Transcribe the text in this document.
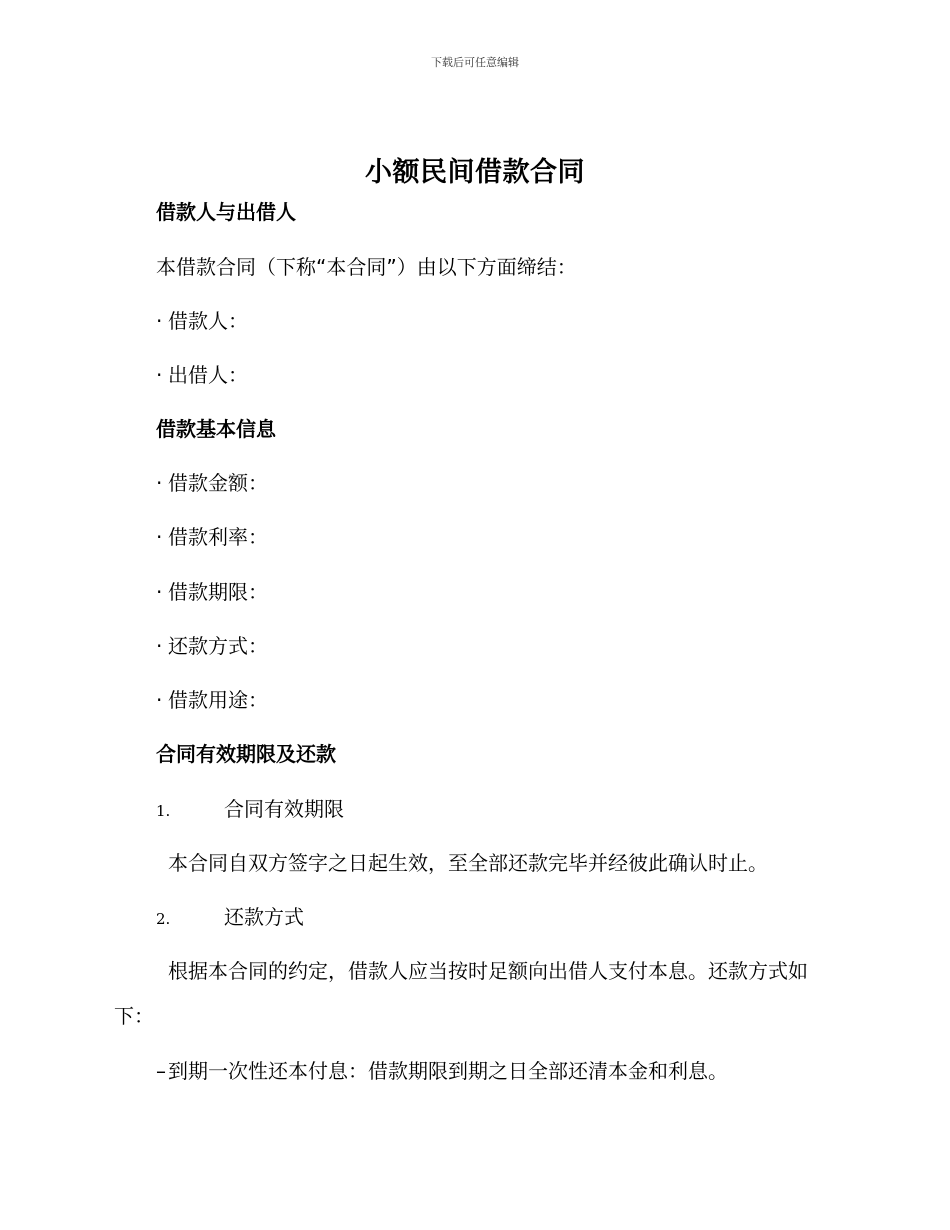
下载后可任意编辑
小额民间借款合同
借款人与出借人
本借款合同（下称“本合同”）由以下方面缔结：
· 借款人：
· 出借人：
借款基本信息
· 借款金额：
· 借款利率：
· 借款期限：
· 还款方式：
· 借款用途：
合同有效期限及还款
1.	合同有效期限
本合同自双方签字之日起生效，至全部还款完毕并经彼此确认时止。
2.	还款方式
根据本合同的约定，借款人应当按时足额向出借人支付本息。还款方式如下：
– 到期一次性还本付息：借款期限到期之日全部还清本金和利息。
